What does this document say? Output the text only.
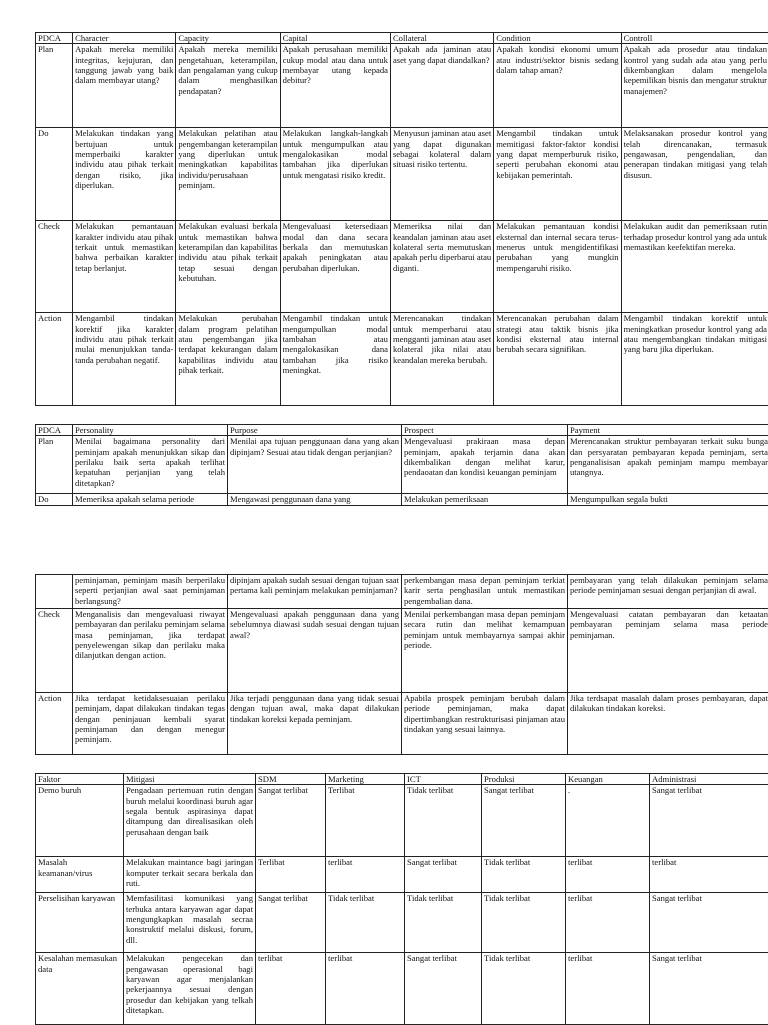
PDCA	Character	Capacity	Capital	Collateral	Condition	Controll
Plan	Apakah mereka memiliki integritas, kejujuran, dan tanggung jawab yang baik dalam membayar utang?	Apakah mereka memiliki pengetahuan, keterampilan, dan pengalaman yang cukup dalam menghasilkan pendapatan?	Apakah perusahaan memiliki cukup modal atau dana untuk membayar utang kepada debitur?	Apakah ada jaminan atau aset yang dapat diandalkan?	Apakah kondisi ekonomi umum atau industri/sektor bisnis sedang dalam tahap aman?	Apakah ada prosedur atau tindakan kontrol yang sudah ada atau yang perlu dikembangkan dalam mengelola kepemilikan bisnis dan mengatur struktur manajemen?
Do	Melakukan tindakan yang bertujuan untuk memperbaiki karakter individu atau pihak terkait dengan risiko, jika diperlukan.	Melakukan pelatihan atau pengembangan keterampilan yang diperlukan untuk meningkatkan kapabilitas individu/perusahaan peminjam.	Melakukan langkah-langkah untuk mengumpulkan atau mengalokasikan modal tambahan jika diperlukan untuk mengatasi risiko kredit.	Menyusun jaminan atau aset yang dapat digunakan sebagai kolateral dalam situasi risiko tertentu.	Mengambil tindakan untuk memitigasi faktor-faktor kondisi yang dapat memperburuk risiko, seperti perubahan ekonomi atau kebijakan pemerintah.	Melaksanakan prosedur kontrol yang telah direncanakan, termasuk pengawasan, pengendalian, dan penerapan tindakan mitigasi yang telah disusun.
Check	Melakukan pemantauan karakter individu atau pihak terkait untuk memastikan bahwa perbaikan karakter tetap berlanjut.	Melakukan evaluasi berkala untuk memastikan bahwa keterampilan dan kapabilitas individu atau pihak terkait tetap sesuai dengan kebutuhan.	Mengevaluasi ketersediaan modal dan dana secara berkala dan memutuskan apakah peningkatan atau perubahan diperlukan.	Memeriksa nilai dan keandalan jaminan atau aset kolateral serta memutuskan apakah perlu diperbarui atau diganti.	Melakukan pemantauan kondisi eksternal dan internal secara terus-menerus untuk mengidentifikasi perubahan yang mungkin mempengaruhi risiko.	Melakukan audit dan pemeriksaan rutin terhadap prosedur kontrol yang ada untuk memastikan keefektifan mereka.
Action	Mengambil tindakan korektif jika karakter individu atau pihak terkait mulai menunjukkan tanda-tanda perubahan negatif.	Melakukan perubahan dalam program pelatihan atau pengembangan jika terdapat kekurangan dalam kapabilitas individu atau pihak terkait.	Mengambil tindakan untuk mengumpulkan modal tambahan atau mengalokasikan dana tambahan jika risiko meningkat.	Merencanakan tindakan untuk memperbarui atau mengganti jaminan atau aset kolateral jika nilai atau keandalan mereka berubah.	Merencanakan perubahan dalam strategi atau taktik bisnis jika kondisi eksternal atau internal berubah secara signifikan.	Mengambil tindakan korektif untuk meningkatkan prosedur kontrol yang ada atau mengembangkan tindakan mitigasi yang baru jika diperlukan.
PDCA	Personality	Purpose	Prospect	Payment
Plan	Menilai bagaimana personality dari peminjam apakah menunjukkan sikap dan perilaku baik serta apakah terlihat kepatuhan perjanjian yang telah ditetapkan?	Menilai apa tujuan penggunaan dana yang akan dipinjam? Sesuai atau tidak dengan perjanjian?	Mengevaluasi prakiraan masa depan peminjam, apakah terjamin dana akan dikembalikan dengan melihat karur, pendaoatan dan kondisi keuangan peminjam	Merencanakan struktur pembayaran terkait suku bunga dan persyaratan pembayaran kepada peminjam, serta penganalisisan apakah peminjam mampu membayar utangnya.
Do	Memeriksa apakah selama periode	Mengawasi penggunaan dana yang	Melakukan pemeriksaan	Mengumpulkan segala bukti
	peminjaman, peminjam masih berperilaku seperti perjanjian awal saat peminjaman berlangsung?	dipinjam apakah sudah sesuai dengan tujuan saat pertama kali peminjam melakukan peminjaman?	perkembangan masa depan peminjam terkiat karir serta penghasilan untuk memastikan pengembalian dana.	pembayaran yang telah dilakukan peminjam selama periode peminjaman sesuai dengan perjanjian di awal.
Check	Menganalisis dan mengevaluasi riwayat pembayaran dan perilaku peminjam selama masa peminjaman, jika terdapat penyelewengan sikap dan perilaku maka dilanjutkan dengan action.	Mengevaluasi apakah penggunaan dana yang sebelumnya diawasi sudah sesuai dengan tujuan awal?	Menilai perkembangan masa depan peminjam secara rutin dan melihat kemampuan peminjam untuk membayarnya sampai akhir periode.	Mengevaluasi catatan pembayaran dan ketaatan pembayaran peminjam selama masa periode peminjaman.
Action	Jika terdapat ketidaksesuaian perilaku peminjam, dapat dilakukan tindakan tegas dengan peninjauan kembali syarat peminjaman dan dengan menegur peminjam.	Jika terjadi penggunaan dana yang tidak sesuai dengan tujuan awal, maka dapat dilakukan tindakan koreksi kepada peminjam.	Apabila prospek peminjam berubah dalam periode peminjaman, maka dapat dipertimbangkan restrukturisasi pinjaman atau tindakan yang sesuai lainnya.	Jika terdsapat masalah dalam proses pembayaran, dapat dilakukan tindakan koreksi.
Faktor	Mitigasi	SDM	Marketing	ICT	Produksi	Keuangan	Administrasi
Demo buruh	Pengadaan pertemuan rutin dengan buruh melalui koordinasi buruh agar segala bentuk aspirasinya dapat ditampung dan direalisasikan oleh perusahaan dengan baik	Sangat terlibat	Terlibat	Tidak terlibat	Sangat terlibat	.	Sangat terlibat
Masalah keamanan/virus	Melakukan maintance bagi jaringan komputer terkait secara berkala dan ruti.	Terlibat	terlibat	Sangat terlibat	Tidak terlibat	terlibat	terlibat
Perselisihan karyawan	Memfasilitasi komunikasi yang terbuka antara karyawan agar dapat mengungkapkan masalah secraa konstruktif melalui diskusi, forum, dll.	Sangat terlibat	Tidak terlibat	Tidak terlibat	Tidak terlibat	terlibat	Sangat terlibat
Kesalahan memasukan data	Melakukan pengecekan dan pengawasan operasional bagi karyawan agar menjalankan pekerjaannya sesuai dengan prosedur dan kebijakan yang telkah ditetapkan.	terlibat	terlibat	Sangat terlibat	Tidak terlibat	terlibat	Sangat terlibat
